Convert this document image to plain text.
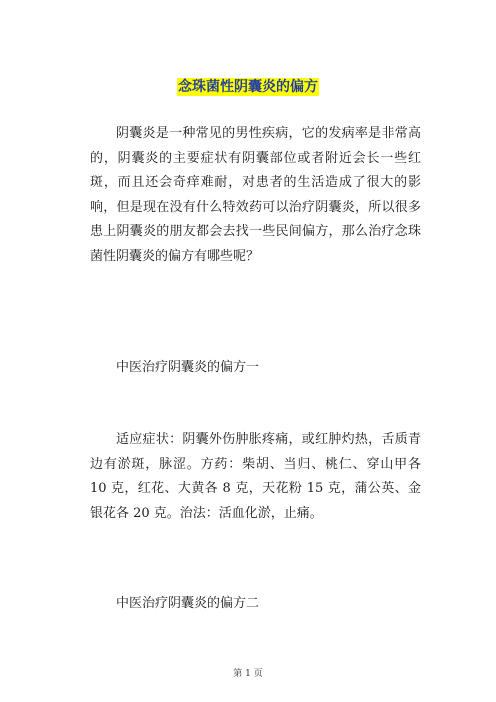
念珠菌性阴囊炎的偏方

阴囊炎是一种常见的男性疾病，它的发病率是非常高的，阴囊炎的主要症状有阴囊部位或者附近会长一些红斑，而且还会奇痒难耐，对患者的生活造成了很大的影响，但是现在没有什么特效药可以治疗阴囊炎，所以很多患上阴囊炎的朋友都会去找一些民间偏方，那么治疗念珠菌性阴囊炎的偏方有哪些呢？

中医治疗阴囊炎的偏方一

适应症状：阴囊外伤肿胀疼痛，或红肿灼热，舌质青边有淤斑，脉涩。方药：柴胡、当归、桃仁、穿山甲各 10 克，红花、大黄各 8 克，天花粉 15 克，蒲公英、金银花各 20 克。治法：活血化淤，止痛。

中医治疗阴囊炎的偏方二

第 1 页
